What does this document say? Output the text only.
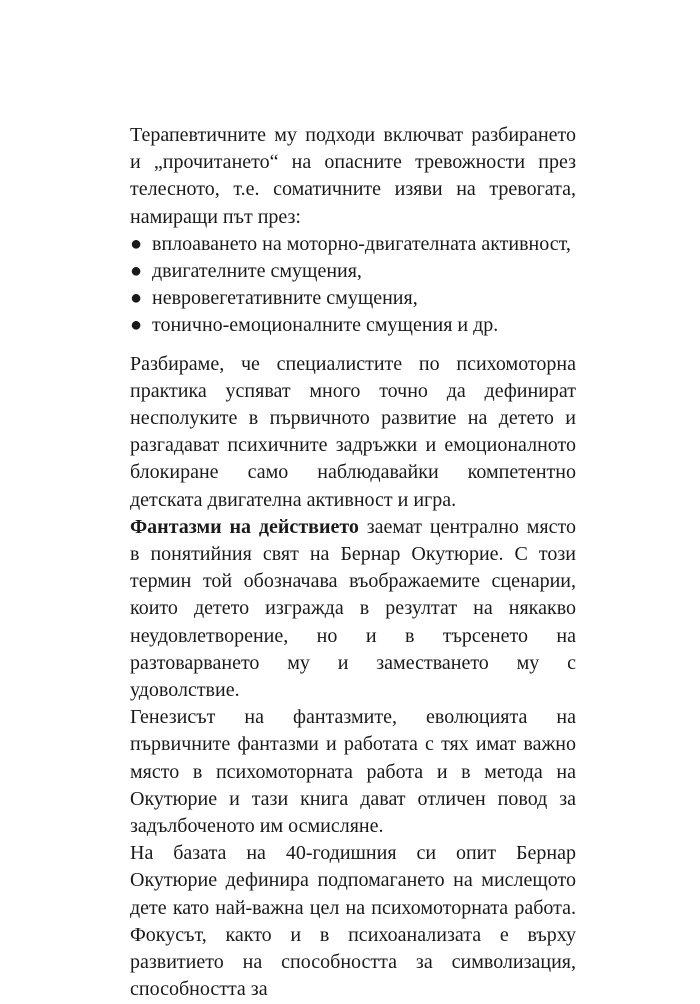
Терапевтичните му подходи включват разбирането и „прочитането“ на опасните тревожности през телесното, т.е. соматичните изяви на тревогата, намиращи път през:

● вплоаването на моторно-двигателната активност,
● двигателните смущения,
● невровегетативните смущения,
● тонично-емоционалните смущения и др.

Разбираме, че специалистите по психомоторна практика успяват много точно да дефинират несполуките в първичното развитие на детето и разгадават психичните задръжки и емоционалното блокиране само наблюдавайки компетентно детската двигателна активност и игра.

Фантазми на действието заемат централно място в понятийния свят на Бернар Окутюрие. С този термин той обозначава въображаемите сценарии, които детето изгражда в резултат на някакво неудовлетворение, но и в търсенето на разтоварването му и заместването му с удоволствие.

Генезисът на фантазмите, еволюцията на първичните фантазми и работата с тях имат важно място в психомоторната работа и в метода на Окутюрие и тази книга дават отличен повод за задълбоченото им осмисляне.

На базата на 40-годишния си опит Бернар Окутюрие дефинира подпомагането на мислещото дете като най-важна цел на психомоторната работа. Фокусът, както и в психоанализата е върху развитието на способността за символизация, способността за
